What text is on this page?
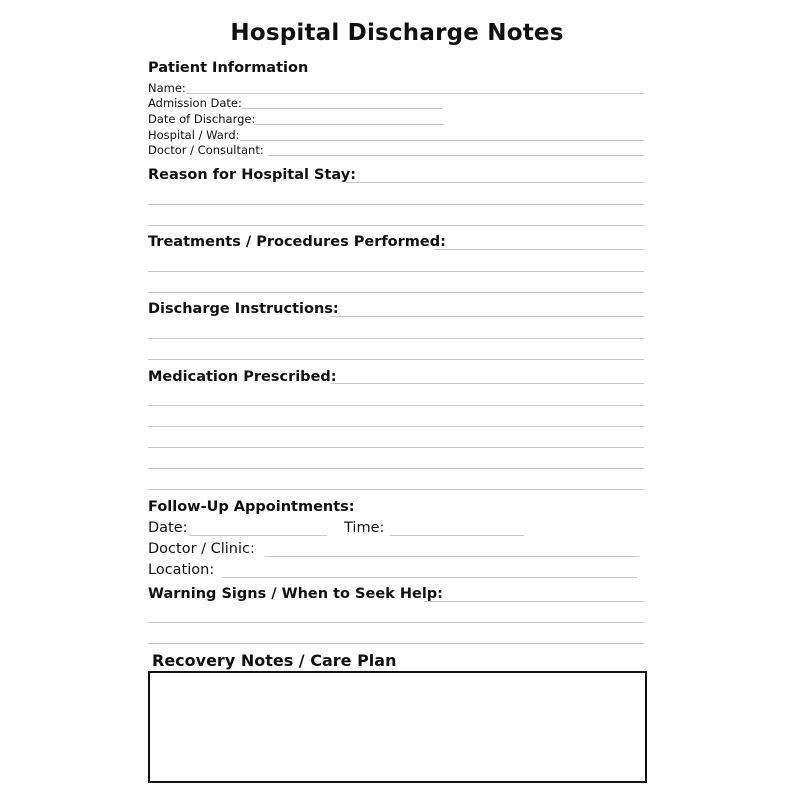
Hospital Discharge Notes
Patient Information
Name:
Admission Date:
Date of Discharge:
Hospital / Ward:
Doctor / Consultant:
Reason for Hospital Stay:
Treatments / Procedures Performed:
Discharge Instructions:
Medication Prescribed:
Follow-Up Appointments:
Date:	Time:
Doctor / Clinic:
Location:
Warning Signs / When to Seek Help:
Recovery Notes / Care Plan
